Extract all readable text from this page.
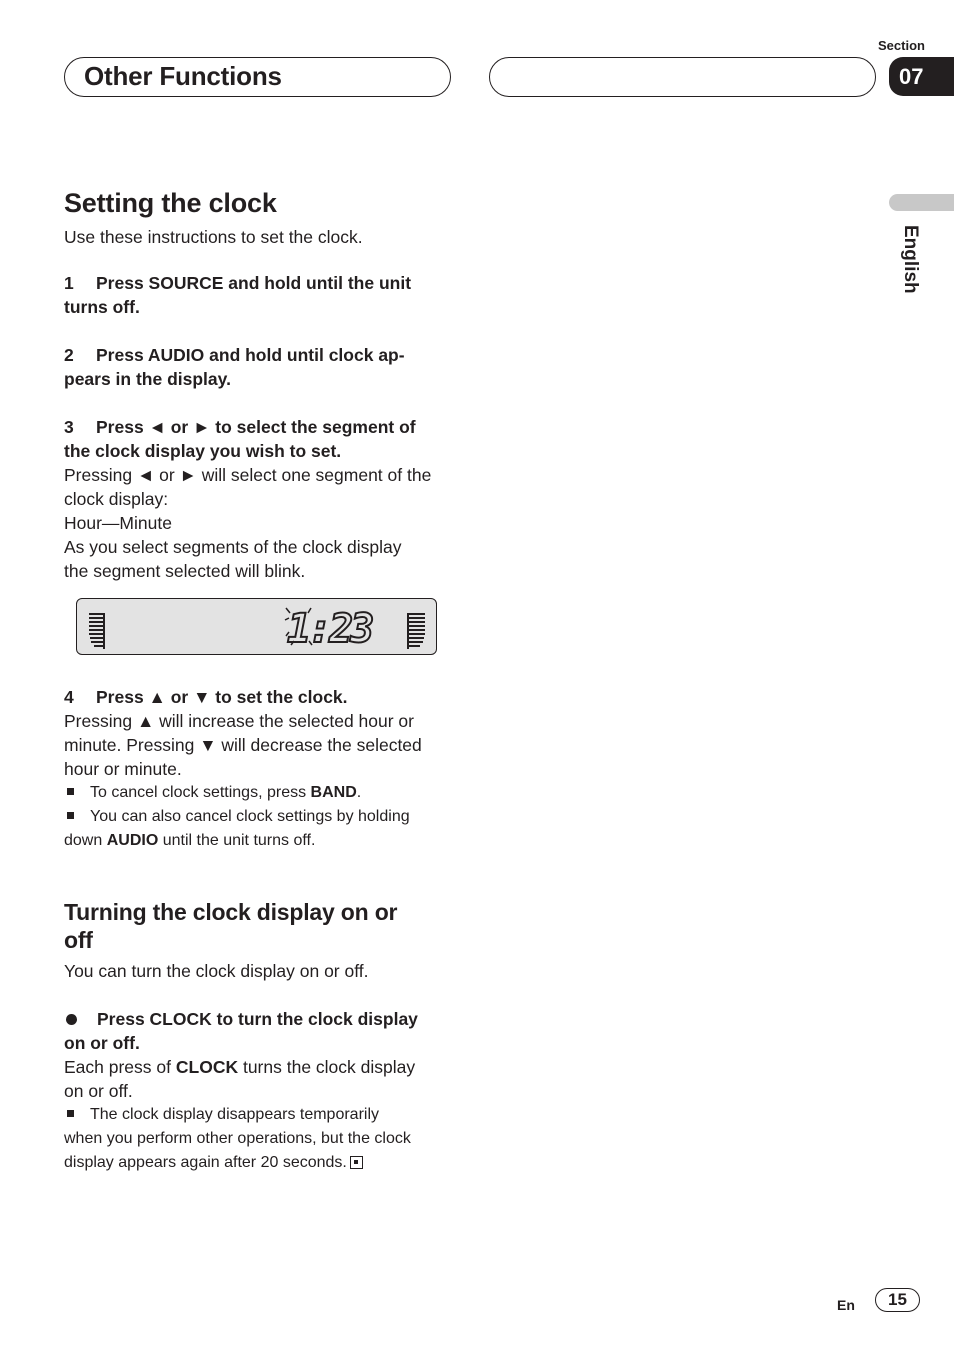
Other Functions
Section
07
English
Setting the clock
Use these instructions to set the clock.
1 Press SOURCE and hold until the unit
turns off.
2 Press AUDIO and hold until clock ap-
pears in the display.
3 Press ◄ or ► to select the segment of
the clock display you wish to set.
Pressing ◄ or ► will select one segment of the
clock display:
Hour—Minute
As you select segments of the clock display
the segment selected will blink.
1:23
4 Press ▲ or ▼ to set the clock.
Pressing ▲ will increase the selected hour or
minute. Pressing ▼ will decrease the selected
hour or minute.
To cancel clock settings, press BAND.
You can also cancel clock settings by holding
down AUDIO until the unit turns off.
Turning the clock display on or
off
You can turn the clock display on or off.
Press CLOCK to turn the clock display
on or off.
Each press of CLOCK turns the clock display
on or off.
The clock display disappears temporarily
when you perform other operations, but the clock
display appears again after 20 seconds.
En	15
